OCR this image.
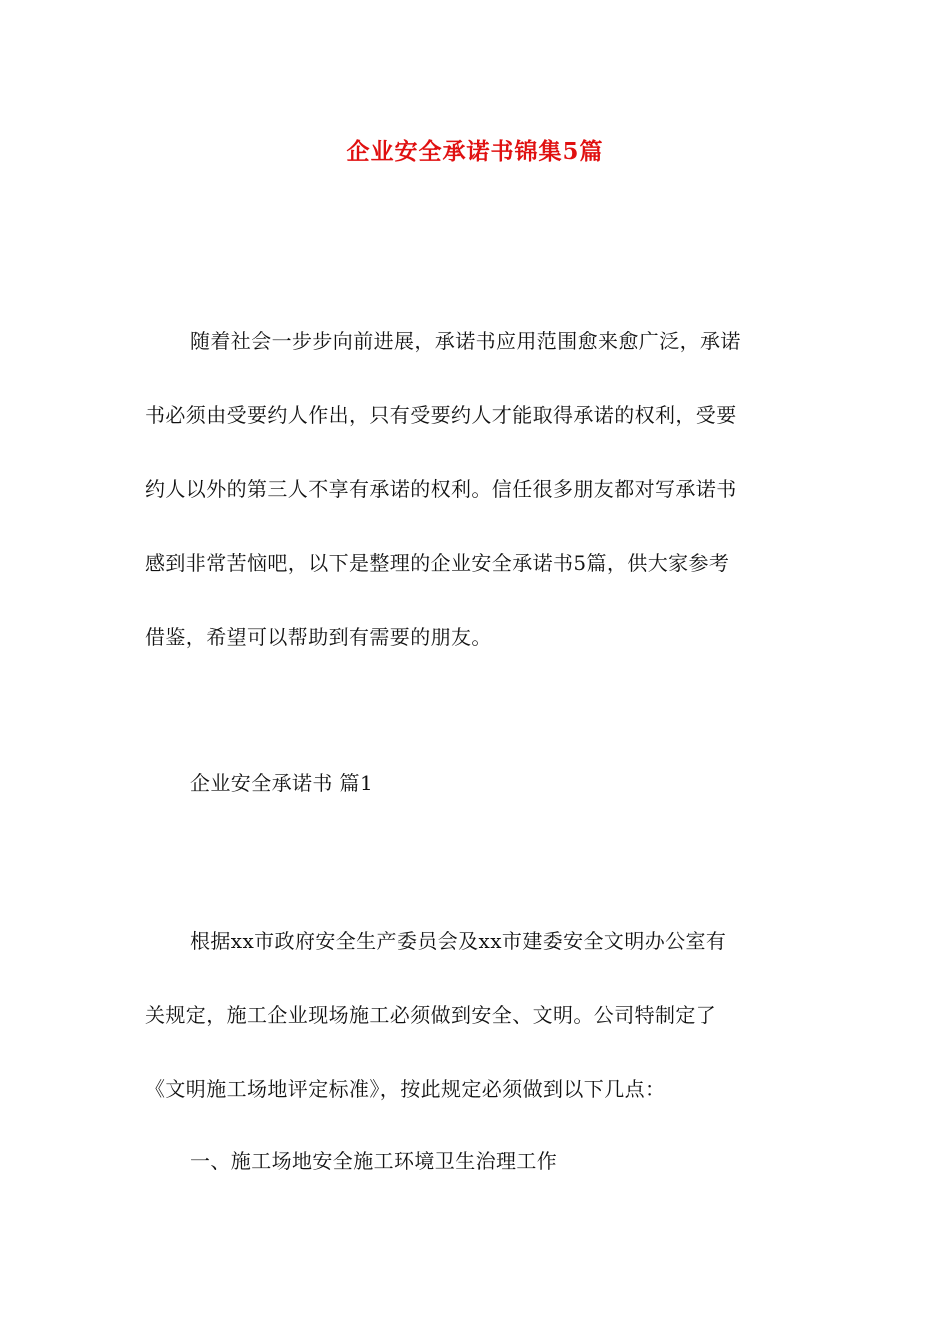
企业安全承诺书锦集5篇

随着社会一步步向前进展，承诺书应用范围愈来愈广泛，承诺
书必须由受要约人作出，只有受要约人才能取得承诺的权利，受要
约人以外的第三人不享有承诺的权利。信任很多朋友都对写承诺书
感到非常苦恼吧，以下是整理的企业安全承诺书5篇，供大家参考
借鉴，希望可以帮助到有需要的朋友。

企业安全承诺书 篇1

根据xx市政府安全生产委员会及xx市建委安全文明办公室有
关规定，施工企业现场施工必须做到安全、文明。公司特制定了
《文明施工场地评定标准》，按此规定必须做到以下几点：

一、施工场地安全施工环境卫生治理工作
